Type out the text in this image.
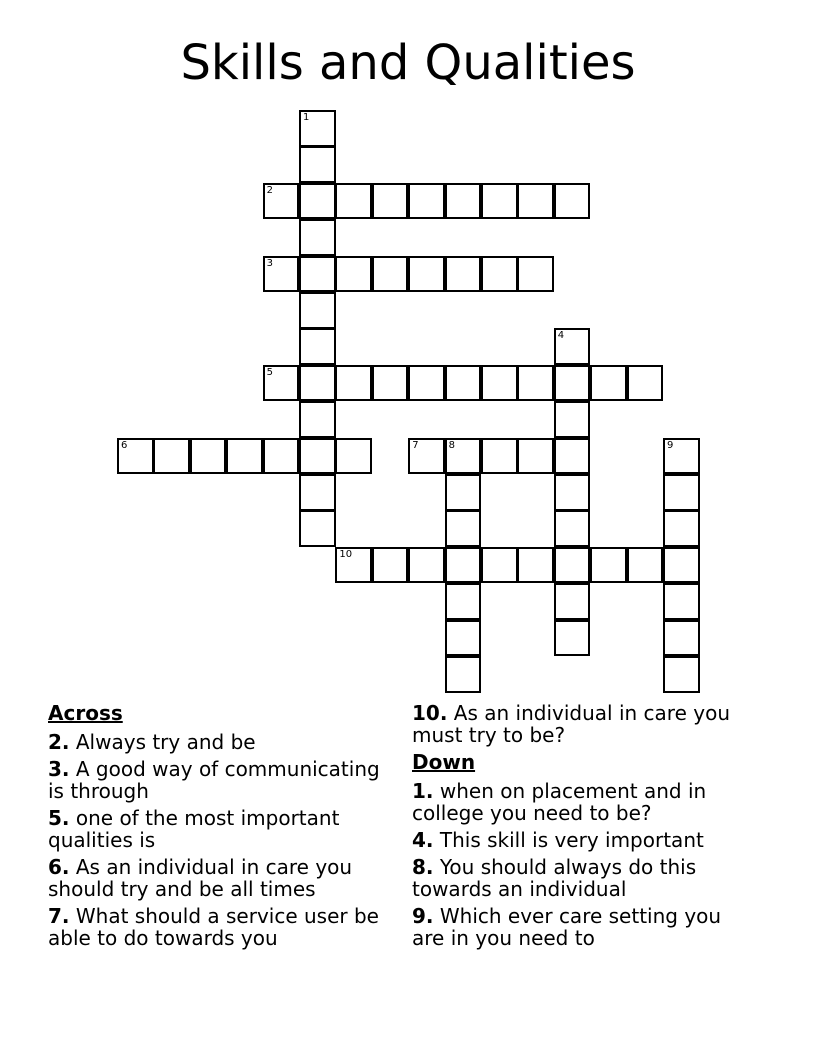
Skills and Qualities
1
2
3
4
5
6	7	8	9
10
Across
2. Always try and be
3. A good way of communicating is through
5. one of the most important qualities is
6. As an individual in care you should try and be all times
7. What should a service user be able to do towards you
10. As an individual in care you must try to be?
Down
1. when on placement and in college you need to be?
4. This skill is very important
8. You should always do this towards an individual
9. Which ever care setting you are in you need to
